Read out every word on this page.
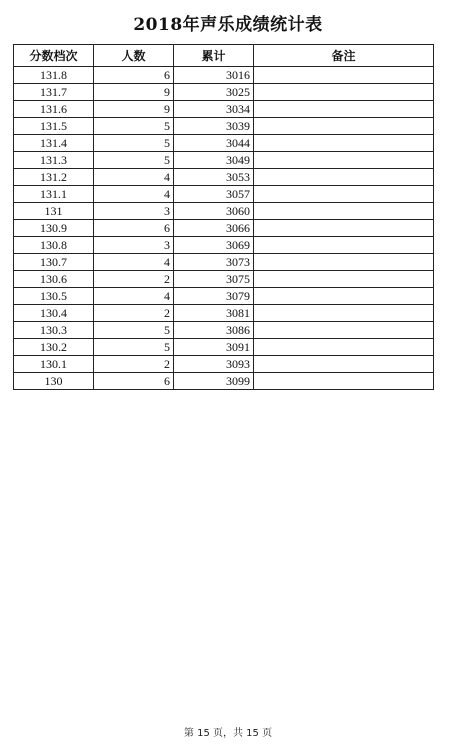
2018年声乐成绩统计表
分数档次	人数	累计	备注
131.8	6	3016	
131.7	9	3025	
131.6	9	3034	
131.5	5	3039	
131.4	5	3044	
131.3	5	3049	
131.2	4	3053	
131.1	4	3057	
131	3	3060	
130.9	6	3066	
130.8	3	3069	
130.7	4	3073	
130.6	2	3075	
130.5	4	3079	
130.4	2	3081	
130.3	5	3086	
130.2	5	3091	
130.1	2	3093	
130	6	3099	
第 15 页，共 15 页
